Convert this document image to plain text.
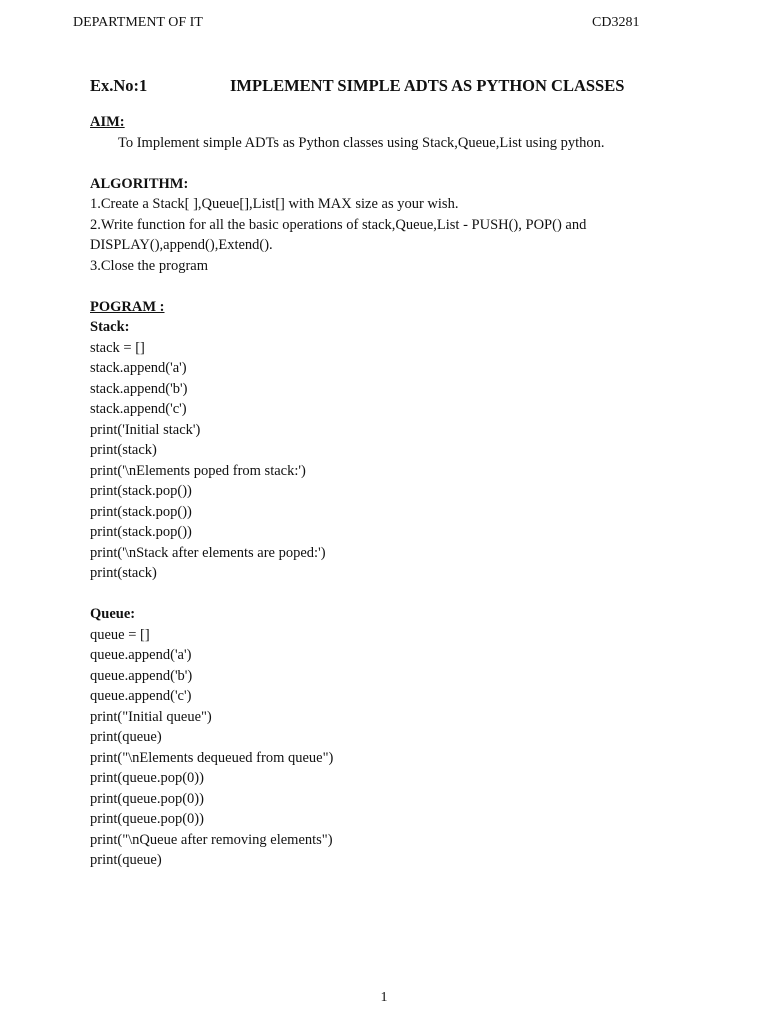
DEPARTMENT OF IT	CD3281
Ex.No:1	IMPLEMENT SIMPLE ADTS AS PYTHON CLASSES
AIM:
To Implement simple ADTs as Python classes using Stack,Queue,List using python.
ALGORITHM:
1.Create a Stack[ ],Queue[],List[] with MAX size as your wish.
2.Write function for all the basic operations of stack,Queue,List - PUSH(), POP() and
DISPLAY(),append(),Extend().
3.Close the program
POGRAM :
Stack:
stack = []
stack.append('a')
stack.append('b')
stack.append('c')
print('Initial stack')
print(stack)
print('\nElements poped from stack:')
print(stack.pop())
print(stack.pop())
print(stack.pop())
print('\nStack after elements are poped:')
print(stack)
Queue:
queue = []
queue.append('a')
queue.append('b')
queue.append('c')
print("Initial queue")
print(queue)
print("\nElements dequeued from queue")
print(queue.pop(0))
print(queue.pop(0))
print(queue.pop(0))
print("\nQueue after removing elements")
print(queue)
1
